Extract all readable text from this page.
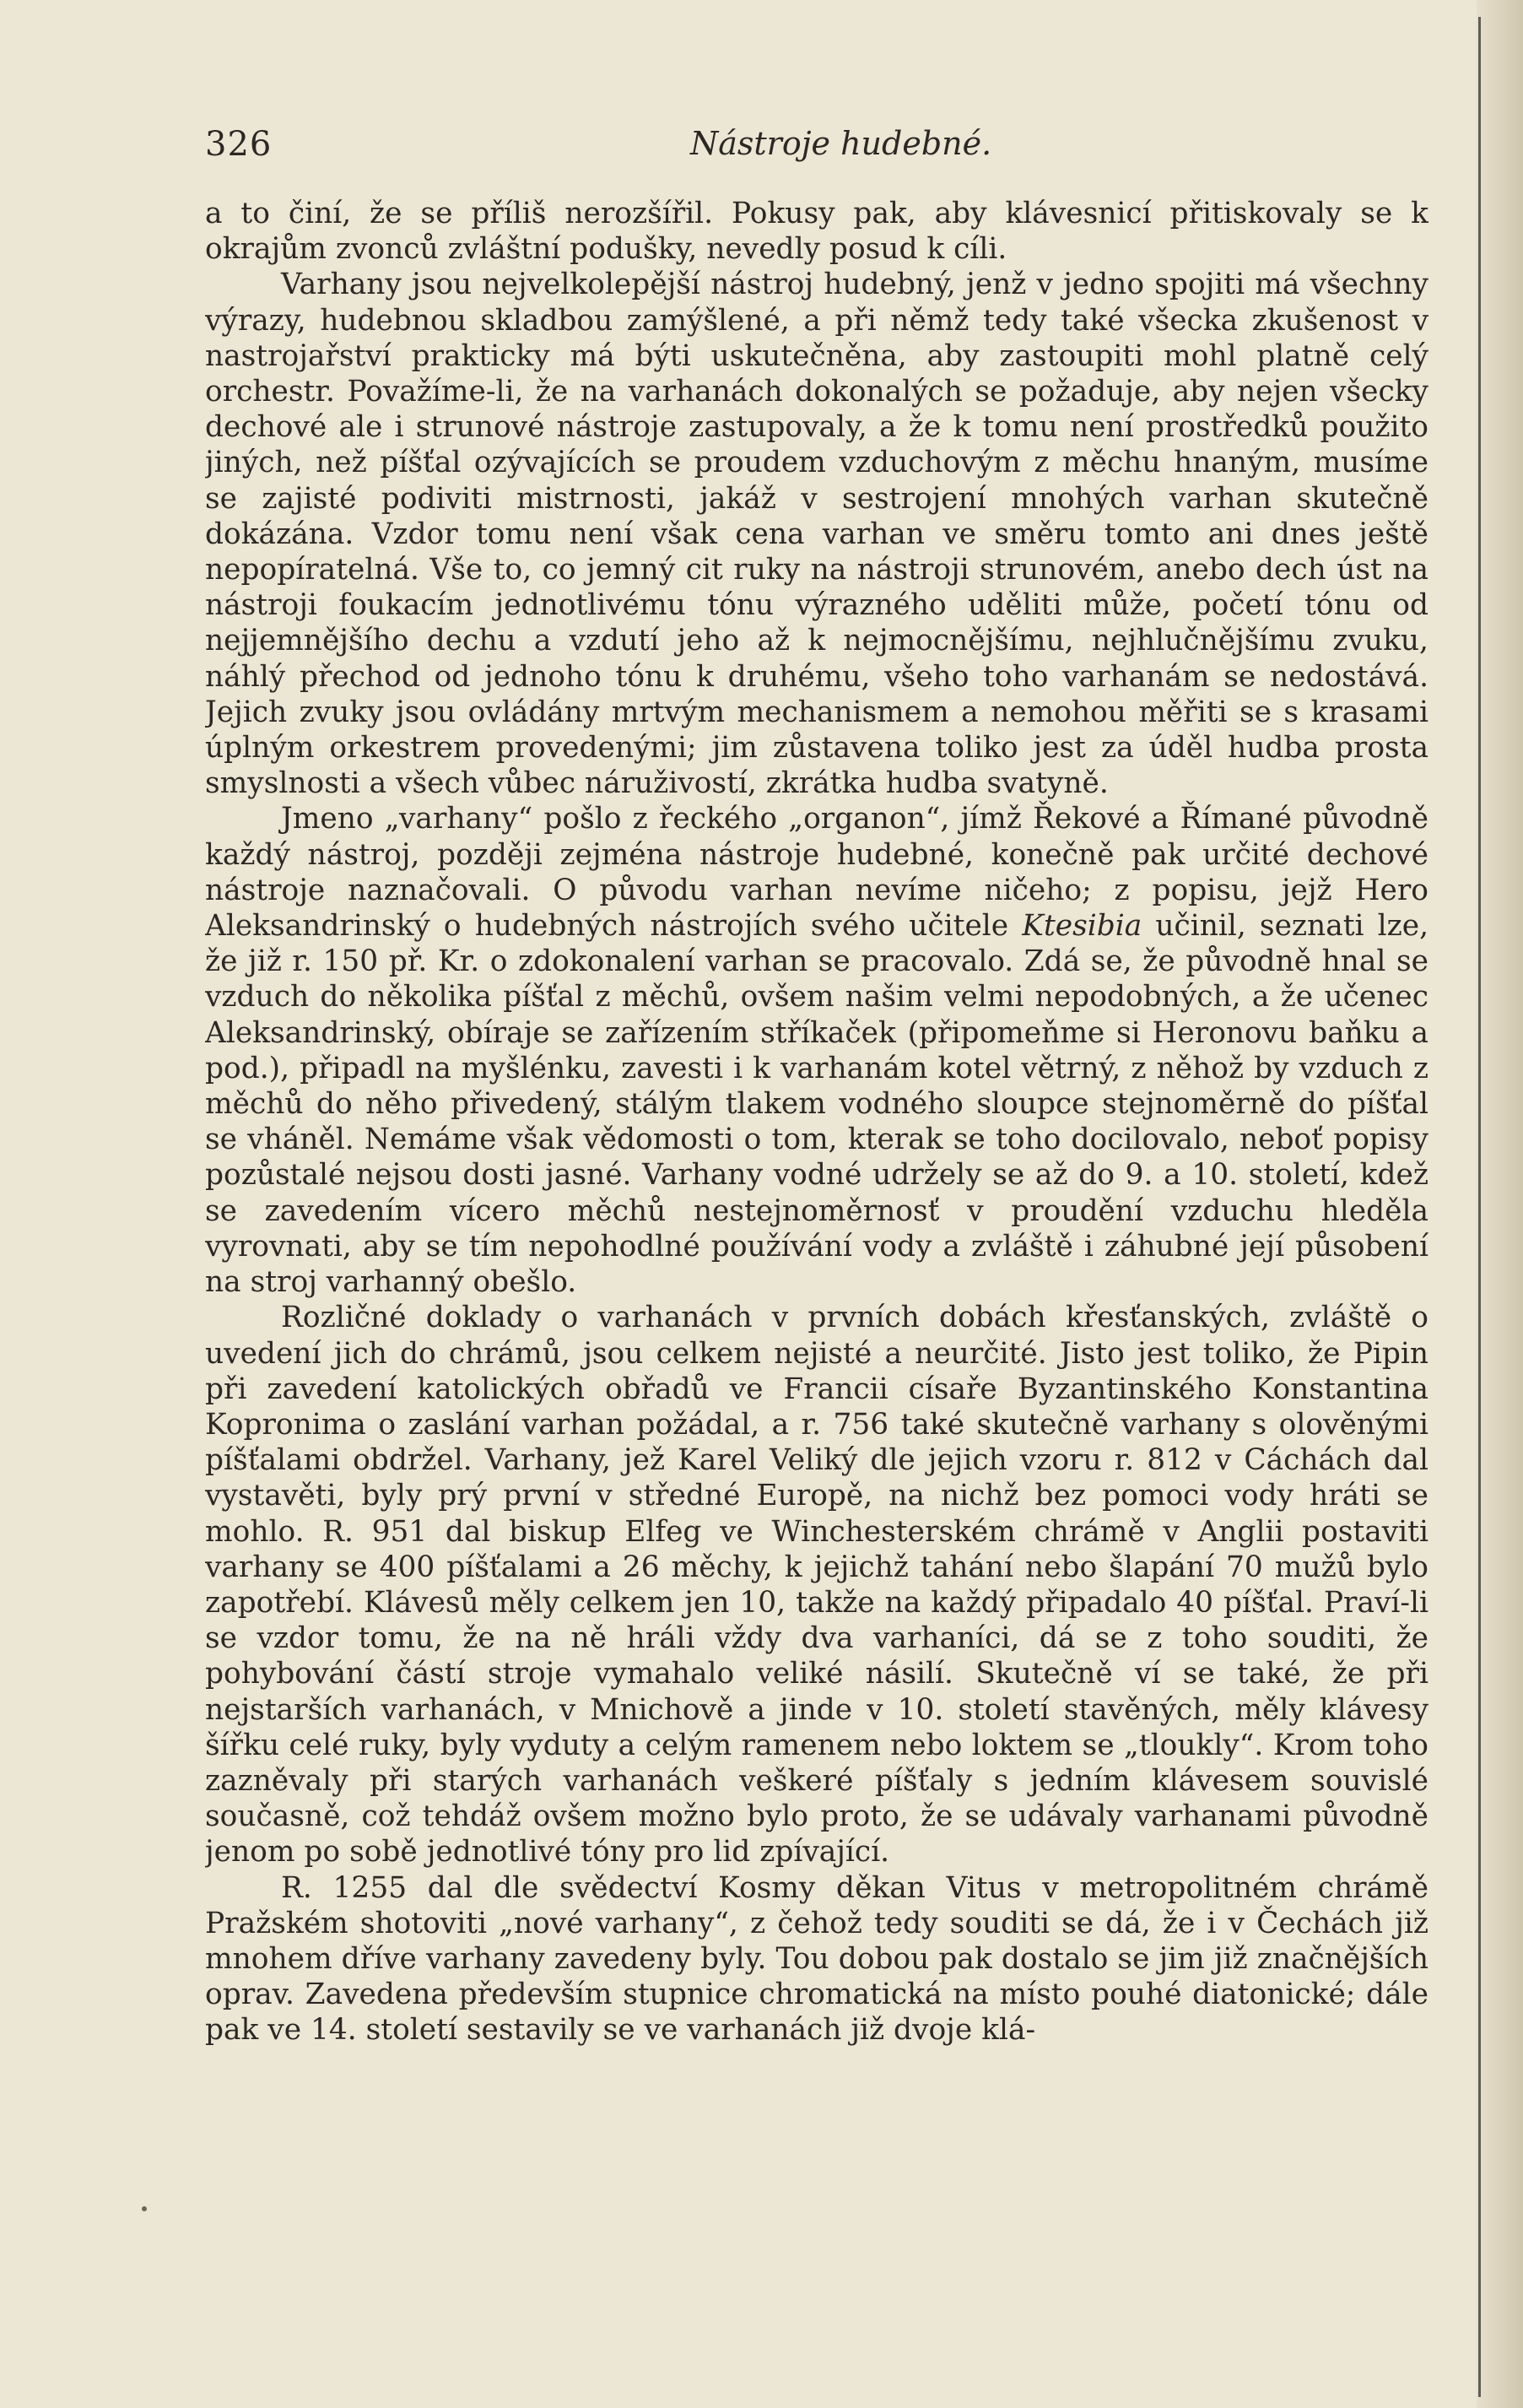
326	Nástroje hudebné.

a to činí, že se příliš nerozšířil. Pokusy pak, aby klávesnicí přitiskovaly se k okrajům zvonců zvláštní podušky, nevedly posud k cíli.

Varhany jsou nejvelkolepější nástroj hudebný, jenž v jedno spojiti má všechny výrazy, hudebnou skladbou zamýšlené, a při němž tedy také všecka zkušenost v nastrojařství prakticky má býti uskutečněna, aby zastoupiti mohl platně celý orchestr. Považíme-li, že na varhanách dokonalých se požaduje, aby nejen všecky dechové ale i strunové nástroje zastupovaly, a že k tomu není prostředků použito jiných, než píšťal ozývajících se proudem vzduchovým z měchu hnaným, musíme se zajisté podiviti mistrnosti, jakáž v sestrojení mnohých varhan skutečně dokázána. Vzdor tomu není však cena varhan ve směru tomto ani dnes ještě nepopíratelná. Vše to, co jemný cit ruky na nástroji strunovém, anebo dech úst na nástroji foukacím jednotlivému tónu výrazného uděliti může, početí tónu od nejjemnějšího dechu a vzdutí jeho až k nejmocnějšímu, nejhlučnějšímu zvuku, náhlý přechod od jednoho tónu k druhému, všeho toho varhanám se nedostává. Jejich zvuky jsou ovládány mrtvým mechanismem a nemohou měřiti se s krasami úplným orkestrem provedenými; jim zůstavena toliko jest za úděl hudba prosta smyslnosti a všech vůbec náruživostí, zkrátka hudba svatyně.

Jmeno „varhany“ pošlo z řeckého „organon“, jímž Řekové a Římané původně každý nástroj, později zejména nástroje hudebné, konečně pak určité dechové nástroje naznačovali. O původu varhan nevíme ničeho; z popisu, jejž Hero Aleksandrinský o hudebných nástrojích svého učitele Ktesibia učinil, seznati lze, že již r. 150 př. Kr. o zdokonalení varhan se pracovalo. Zdá se, že původně hnal se vzduch do několika píšťal z měchů, ovšem našim velmi nepodobných, a že učenec Aleksandrinský, obíraje se zařízením stříkaček (připomeňme si Heronovu baňku a pod.), připadl na myšlénku, zavesti i k varhanám kotel větrný, z něhož by vzduch z měchů do něho přivedený, stálým tlakem vodného sloupce stejnoměrně do píšťal se vháněl. Nemáme však vědomosti o tom, kterak se toho docilovalo, neboť popisy pozůstalé nejsou dosti jasné. Varhany vodné udržely se až do 9. a 10. století, kdež se zavedením vícero měchů nestejnoměrnosť v proudění vzduchu hleděla vyrovnati, aby se tím nepohodlné používání vody a zvláště i záhubné její působení na stroj varhanný obešlo.

Rozličné doklady o varhanách v prvních dobách křesťanských, zvláště o uvedení jich do chrámů, jsou celkem nejisté a neurčité. Jisto jest toliko, že Pipin při zavedení katolických obřadů ve Francii císaře Byzantinského Konstantina Kopronima o zaslání varhan požádal, a r. 756 také skutečně varhany s olověnými píšťalami obdržel. Varhany, jež Karel Veliký dle jejich vzoru r. 812 v Cáchách dal vystavěti, byly prý první v středné Europě, na nichž bez pomoci vody hráti se mohlo. R. 951 dal biskup Elfeg ve Winchesterském chrámě v Anglii postaviti varhany se 400 píšťalami a 26 měchy, k jejichž tahání nebo šlapání 70 mužů bylo zapotřebí. Klávesů měly celkem jen 10, takže na každý připadalo 40 píšťal. Praví-li se vzdor tomu, že na ně hráli vždy dva varhaníci, dá se z toho souditi, že pohybování částí stroje vymahalo veliké násilí. Skutečně ví se také, že při nejstarších varhanách, v Mnichově a jinde v 10. století stavěných, měly klávesy šířku celé ruky, byly vyduty a celým ramenem nebo loktem se „tloukly“. Krom toho zazněvaly při starých varhanách veškeré píšťaly s jedním klávesem souvislé současně, což tehdáž ovšem možno bylo proto, že se udávaly varhanami původně jenom po sobě jednotlivé tóny pro lid zpívající.

R. 1255 dal dle svědectví Kosmy děkan Vitus v metropolitném chrámě Pražském shotoviti „nové varhany“, z čehož tedy souditi se dá, že i v Čechách již mnohem dříve varhany zavedeny byly. Tou dobou pak dostalo se jim již značnějších oprav. Zavedena především stupnice chromatická na místo pouhé diatonické; dále pak ve 14. století sestavily se ve varhanách již dvoje klá-
